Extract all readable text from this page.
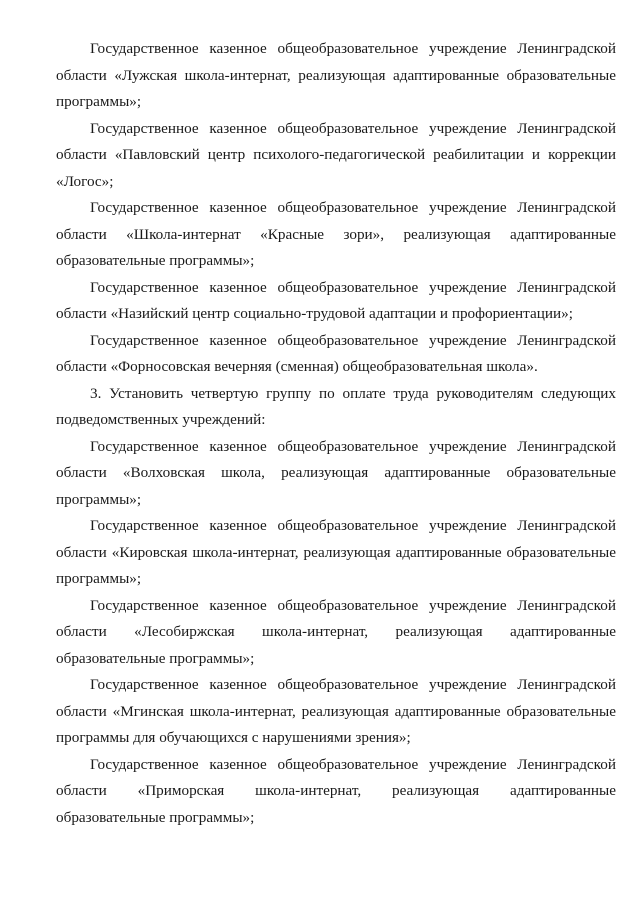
Государственное казенное общеобразовательное учреждение Ленинградской области «Лужская школа-интернат, реализующая адаптированные образовательные программы»;

Государственное казенное общеобразовательное учреждение Ленинградской области «Павловский центр психолого-педагогической реабилитации и коррекции «Логос»;

Государственное казенное общеобразовательное учреждение Ленинградской области «Школа-интернат «Красные зори», реализующая адаптированные образовательные программы»;

Государственное казенное общеобразовательное учреждение Ленинградской области «Назийский центр социально-трудовой адаптации и профориентации»;

Государственное казенное общеобразовательное учреждение Ленинградской области «Форносовская вечерняя (сменная) общеобразовательная школа».

3. Установить четвертую группу по оплате труда руководителям следующих подведомственных учреждений:

Государственное казенное общеобразовательное учреждение Ленинградской области «Волховская школа, реализующая адаптированные образовательные программы»;

Государственное казенное общеобразовательное учреждение Ленинградской области «Кировская школа-интернат, реализующая адаптированные образовательные программы»;

Государственное казенное общеобразовательное учреждение Ленинградской области «Лесобиржская школа-интернат, реализующая адаптированные образовательные программы»;

Государственное казенное общеобразовательное учреждение Ленинградской области «Мгинская школа-интернат, реализующая адаптированные образовательные программы для обучающихся с нарушениями зрения»;

Государственное казенное общеобразовательное учреждение Ленинградской области «Приморская школа-интернат, реализующая адаптированные образовательные программы»;
